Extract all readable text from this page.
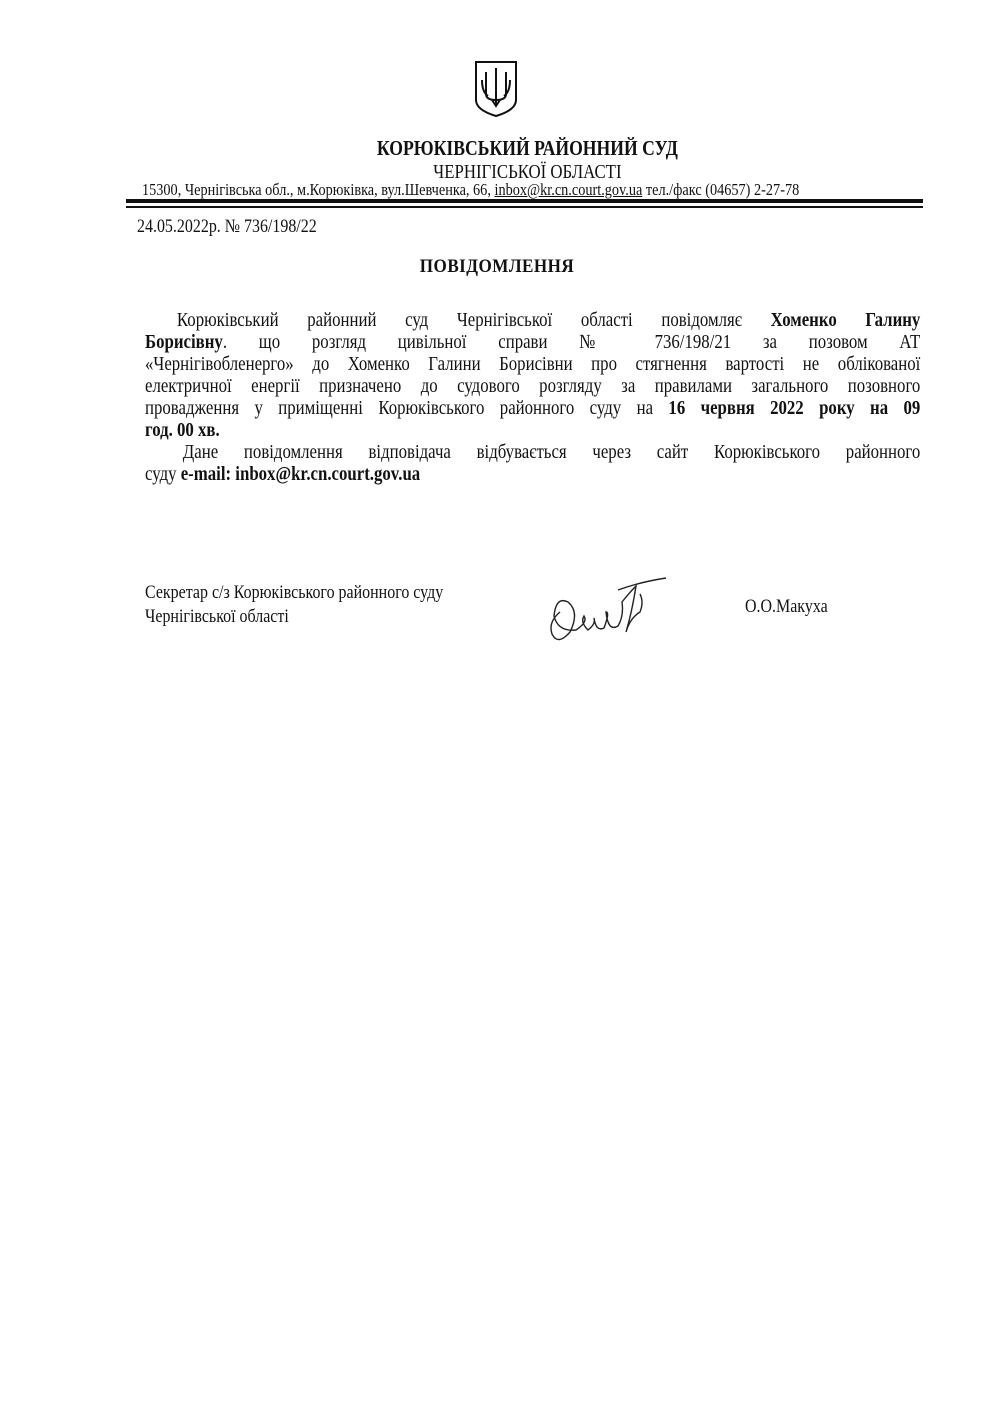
КОРЮКІВСЬКИЙ РАЙОННИЙ СУД
ЧЕРНІГІСЬКОЇ ОБЛАСТІ
15300, Чернігівська обл., м.Корюківка, вул.Шевченка, 66, inbox@kr.cn.court.gov.ua тел./факс (04657) 2-27-78
24.05.2022р. № 736/198/22
ПОВІДОМЛЕННЯ
Корюківський районний суд Чернігівської області повідомляє Хоменко Галину
Борисівну. що розгляд цивільної справи № 736/198/21 за позовом АТ
«Чернігівобленерго» до Хоменко Галини Борисівни про стягнення вартості не облікованої
електричної енергії призначено до судового розгляду за правилами загального позовного
провадження у приміщенні Корюківського районного суду на 16 червня 2022 року на 09
год. 00 хв.
Дане повідомлення відповідача відбувається через сайт Корюківського районного
суду e-mail: inbox@kr.cn.court.gov.ua
Секретар с/з Корюківського районного суду
Чернігівської області	О.О.Макуха
